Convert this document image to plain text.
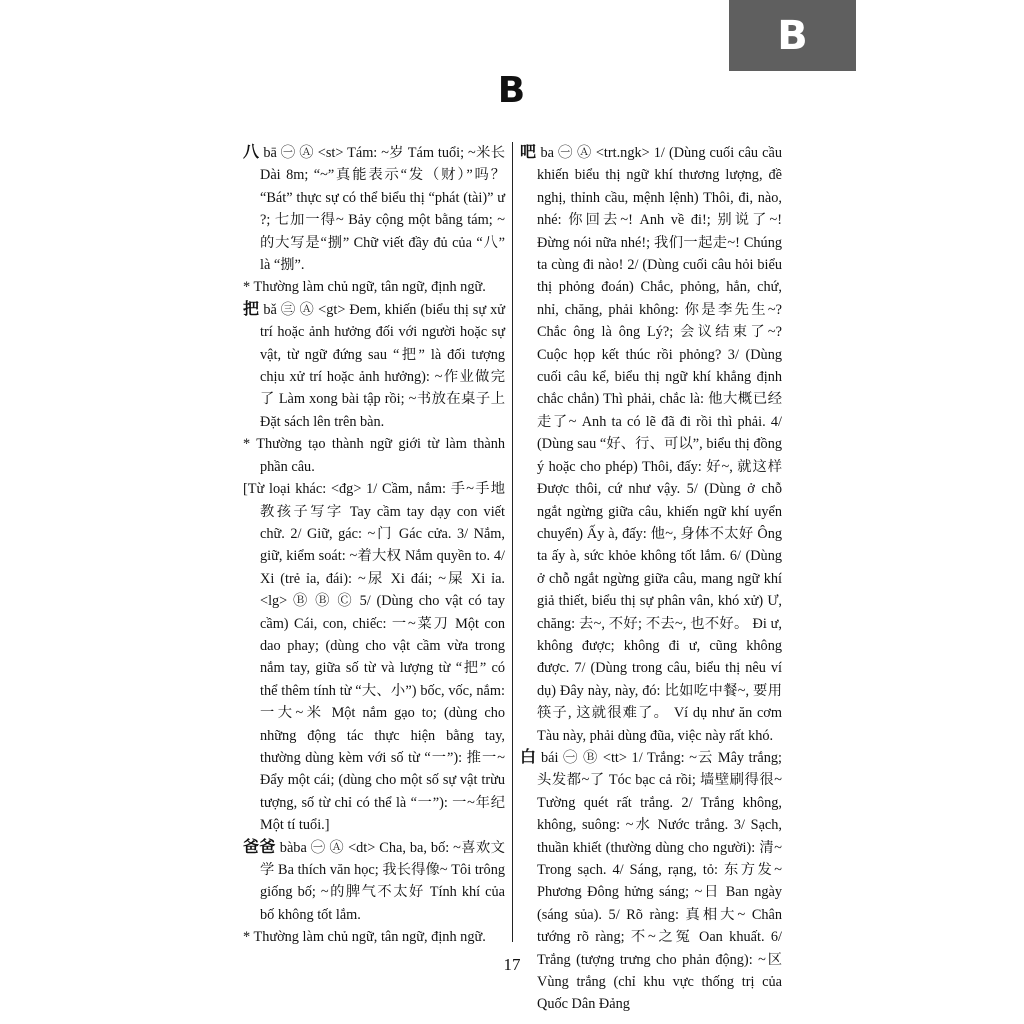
B
B

八 bā ㊀ Ⓐ <st> Tám: ~岁 Tám tuổi; ~米长 Dài 8m; “~”真能表示“发（财）”吗？ “Bát” thực sự có thể biểu thị “phát (tài)” ư ?; 七加一得~ Bảy cộng một bằng tám; ~的大写是“捌” Chữ viết đầy đủ của “八” là “捌”.

* Thường làm chủ ngữ, tân ngữ, định ngữ.

把 bǎ ㊂ Ⓐ <gt> Đem, khiến (biểu thị sự xử trí hoặc ảnh hưởng đối với người hoặc sự vật, từ ngữ đứng sau “把” là đối tượng chịu xử trí hoặc ảnh hưởng): ~作业做完了 Làm xong bài tập rồi; ~书放在桌子上 Đặt sách lên trên bàn.

* Thường tạo thành ngữ giới từ làm thành phần câu.

[Từ loại khác: <đg> 1/ Cầm, nắm: 手~手地教孩子写字 Tay cầm tay dạy con viết chữ. 2/ Giữ, gác: ~门 Gác cửa. 3/ Nắm, giữ, kiểm soát: ~着大权 Nắm quyền to. 4/ Xi (trẻ ỉa, đái): ~尿 Xi đái; ~屎 Xi ỉa. <lg> Ⓑ Ⓑ Ⓒ 5/ (Dùng cho vật có tay cầm) Cái, con, chiếc: 一~菜刀 Một con dao phay; (dùng cho vật cầm vừa trong nắm tay, giữa số từ và lượng từ “把” có thể thêm tính từ “大、小”) bốc, vốc, nắm: 一大~米 Một nắm gạo to; (dùng cho những động tác thực hiện bằng tay, thường dùng kèm với số từ “一”): 推一~ Đẩy một cái; (dùng cho một số sự vật trừu tượng, số từ chỉ có thể là “一”): 一~年纪 Một tí tuổi.]

爸爸 bàba ㊀ Ⓐ <dt> Cha, ba, bố: ~喜欢文学 Ba thích văn học; 我长得像~ Tôi trông giống bố; ~的脾气不太好 Tính khí của bố không tốt lắm.

* Thường làm chủ ngữ, tân ngữ, định ngữ.

吧 ba ㊀ Ⓐ <trt.ngk> 1/ (Dùng cuối câu cầu khiến biểu thị ngữ khí thương lượng, đề nghị, thỉnh cầu, mệnh lệnh) Thôi, đi, nào, nhé: 你回去~! Anh về đi!; 别说了~! Đừng nói nữa nhé!; 我们一起走~! Chúng ta cùng đi nào! 2/ (Dùng cuối câu hỏi biểu thị phỏng đoán) Chắc, phỏng, hẳn, chứ, nhỉ, chăng, phải không: 你是李先生~? Chắc ông là ông Lý?; 会议结束了~? Cuộc họp kết thúc rồi phỏng? 3/ (Dùng cuối câu kể, biểu thị ngữ khí khẳng định chắc chắn) Thì phải, chắc là: 他大概已经走了~ Anh ta có lẽ đã đi rồi thì phải. 4/ (Dùng sau “好、行、可以”, biểu thị đồng ý hoặc cho phép) Thôi, đấy: 好~, 就这样 Được thôi, cứ như vậy. 5/ (Dùng ở chỗ ngắt ngừng giữa câu, khiến ngữ khí uyển chuyển) Ấy à, đấy: 他~, 身体不太好 Ông ta ấy à, sức khỏe không tốt lắm. 6/ (Dùng ở chỗ ngắt ngừng giữa câu, mang ngữ khí giả thiết, biểu thị sự phân vân, khó xử) Ư, chăng: 去~, 不好; 不去~, 也不好。 Đi ư, không được; không đi ư, cũng không được. 7/ (Dùng trong câu, biểu thị nêu ví dụ) Đây này, này, đó: 比如吃中餐~, 要用筷子, 这就很难了。 Ví dụ như ăn cơm Tàu này, phải dùng đũa, việc này rất khó.

白 bái ㊀ Ⓑ <tt> 1/ Trắng: ~云 Mây trắng; 头发都~了 Tóc bạc cả rồi; 墙壁刷得很~ Tường quét rất trắng. 2/ Trắng không, không, suông: ~水 Nước trắng. 3/ Sạch, thuần khiết (thường dùng cho người): 清~ Trong sạch. 4/ Sáng, rạng, tỏ: 东方发~ Phương Đông hửng sáng; ~日 Ban ngày (sáng sủa). 5/ Rõ ràng: 真相大~ Chân tướng rõ ràng; 不~之冤 Oan khuất. 6/ Trắng (tượng trưng cho phản động): ~区 Vùng trắng (chỉ khu vực thống trị của Quốc Dân Đảng

17
